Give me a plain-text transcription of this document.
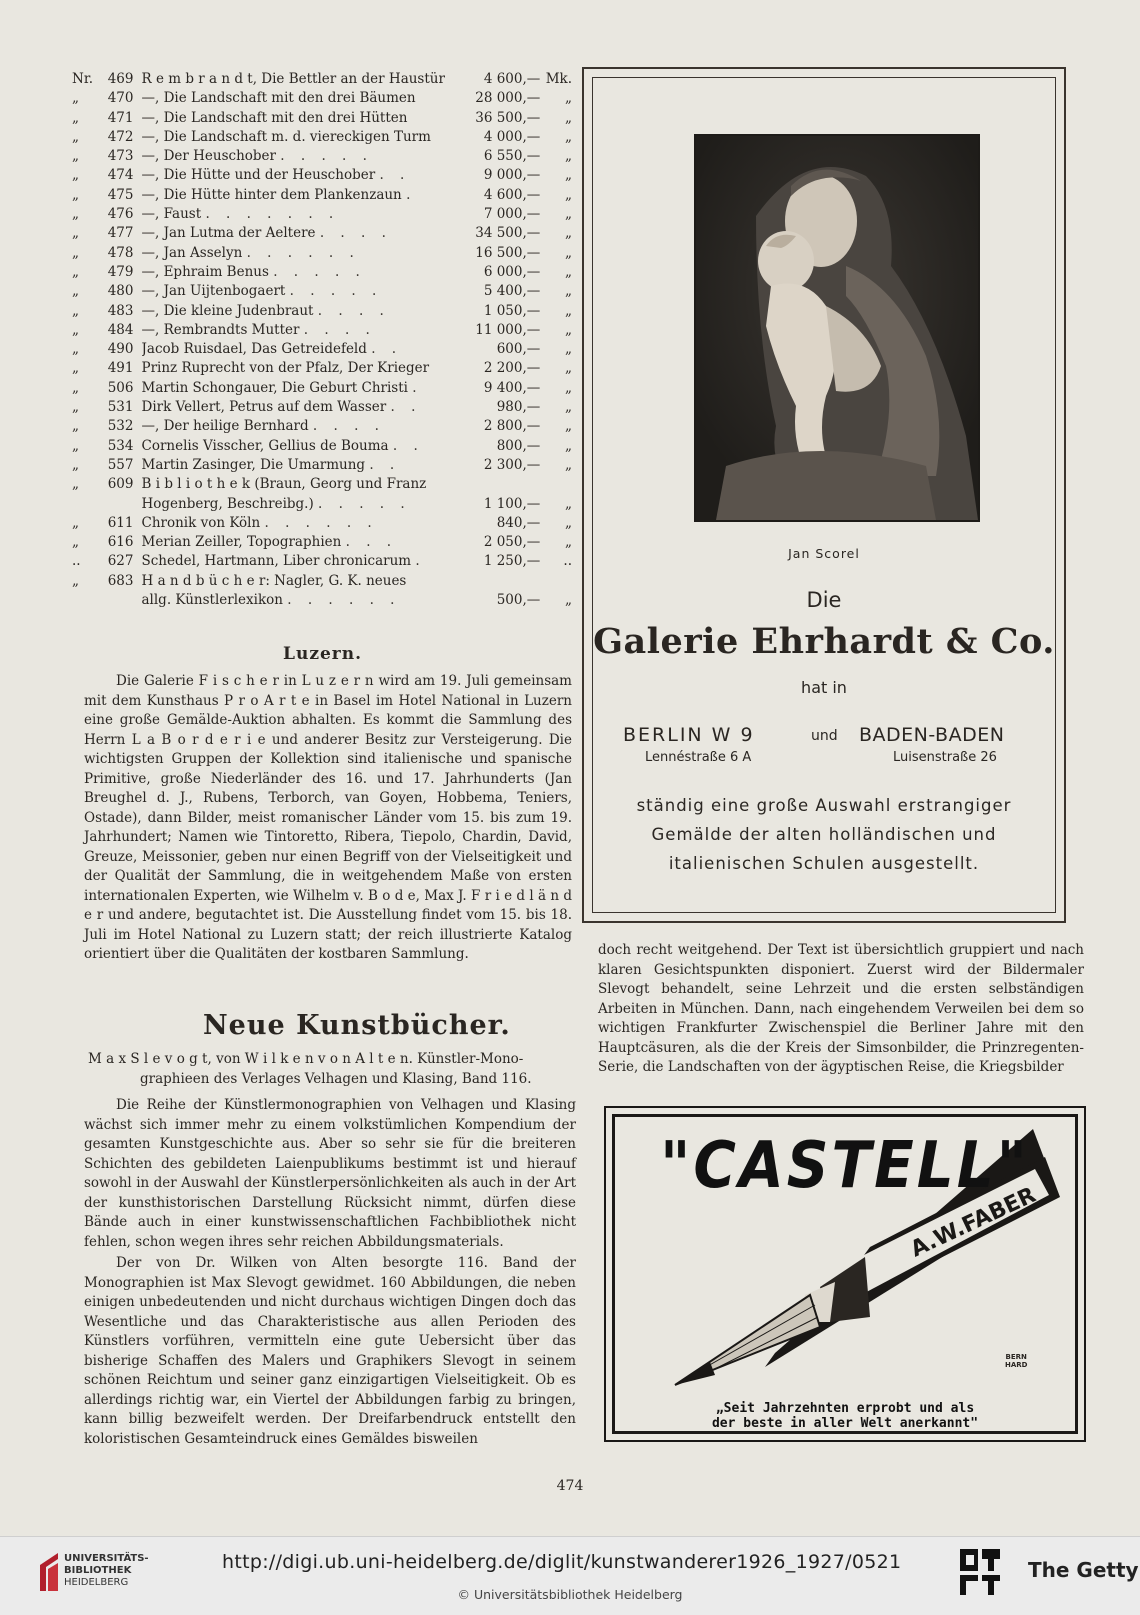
Nr.	469 R e m b r a n d t, Die Bettler an der Haustür	4 600,— Mk.
„	470 —, Die Landschaft mit den drei Bäumen	28 000,—	„
„	471 —, Die Landschaft mit den drei Hütten	36 500,—	„
„	472 —, Die Landschaft m. d. viereckigen Turm	4 000,—	„
„	473 —, Der Heuschober . . . . .	6 550,—	„
„	474 —, Die Hütte und der Heuschober . .	9 000,—	„
„	475 —, Die Hütte hinter dem Plankenzaun .	4 600,—	„
„	476 —, Faust . . . . . . .	7 000,—	„
„	477 —, Jan Lutma der Aeltere . . . .	34 500,—	„
„	478 —, Jan Asselyn . . . . . .	16 500,—	„
„	479 —, Ephraim Benus . . . . .	6 000,—	„
„	480 —, Jan Uijtenbogaert . . . . .	5 400,—	„
„	483 —, Die kleine Judenbraut . . . .	1 050,—	„
„	484 —, Rembrandts Mutter . . . .	11 000,—	„
„	490 Jacob Ruisdael, Das Getreidefeld . .	600,—	„
„	491 Prinz Ruprecht von der Pfalz, Der Krieger	2 200,—	„
„	506 Martin Schongauer, Die Geburt Christi .	9 400,—	„
„	531 Dirk Vellert, Petrus auf dem Wasser . .	980,—	„
„	532 —, Der heilige Bernhard . . . .	2 800,—	„
„	534 Cornelis Visscher, Gellius de Bouma . .	800,—	„
„	557 Martin Zasinger, Die Umarmung . .	2 300,—	„
„	609 B i b l i o t h e k (Braun, Georg und Franz
Hogenberg, Beschreibg.) . . . . .	1 100,—	„
„	611 Chronik von Köln . . . . . .	840,—	„
„	616 Merian Zeiller, Topographien . . .	2 050,—	„
..	627 Schedel, Hartmann, Liber chronicarum .	1 250,—	..
„	683 H a n d b ü c h e r: Nagler, G. K. neues
allg. Künstlerlexikon . . . . . .	500,—	„
Luzern.

Die Galerie F i s c h e r in L u z e r n wird am 19. Juli gemeinsam mit dem Kunsthaus P r o A r t e in Basel im Hotel National in Luzern eine große Gemälde-Auktion abhalten. Es kommt die Sammlung des Herrn L a B o r d e r i e und anderer Besitz zur Versteigerung. Die wichtigsten Gruppen der Kollektion sind italienische und spanische Primitive, große Niederländer des 16. und 17. Jahrhunderts (Jan Breughel d. J., Rubens, Terborch, van Goyen, Hobbema, Teniers, Ostade), dann Bilder, meist romanischer Länder vom 15. bis zum 19. Jahrhundert; Namen wie Tintoretto, Ribera, Tiepolo, Chardin, David, Greuze, Meissonier, geben nur einen Begriff von der Vielseitigkeit und der Qualität der Sammlung, die in weitgehendem Maße von ersten internationalen Experten, wie Wilhelm v. B o d e, Max J. F r i e d l ä n d e r und andere, begutachtet ist. Die Ausstellung findet vom 15. bis 18. Juli im Hotel National zu Luzern statt; der reich illustrierte Katalog orientiert über die Qualitäten der kostbaren Sammlung.

Neue Kunstbücher.
M a x S l e v o g t, von W i l k e n v o n A l t e n. Künstler-Mono-
graphieen des Verlages Velhagen und Klasing, Band 116.

Die Reihe der Künstlermonographien von Velhagen und Klasing wächst sich immer mehr zu einem volkstümlichen Kompendium der gesamten Kunstgeschichte aus. Aber so sehr sie für die breiteren Schichten des gebildeten Laienpublikums bestimmt ist und hierauf sowohl in der Auswahl der Künstlerpersönlichkeiten als auch in der Art der kunsthistorischen Darstellung Rücksicht nimmt, dürfen diese Bände auch in einer kunstwissenschaftlichen Fachbibliothek nicht fehlen, schon wegen ihres sehr reichen Abbildungsmaterials.

Der von Dr. Wilken von Alten besorgte 116. Band der Monographien ist Max Slevogt gewidmet. 160 Abbildungen, die neben einigen unbedeutenden und nicht durchaus wichtigen Dingen doch das Wesentliche und das Charakteristische aus allen Perioden des Künstlers vorführen, vermitteln eine gute Uebersicht über das bisherige Schaffen des Malers und Graphikers Slevogt in seinem schönen Reichtum und seiner ganz einzigartigen Vielseitigkeit. Ob es allerdings richtig war, ein Viertel der Abbildungen farbig zu bringen, kann billig bezweifelt werden. Der Dreifarbendruck entstellt den koloristischen Gesamteindruck eines Gemäldes bisweilen

Jan Scorel
Die
Galerie Ehrhardt & Co.
hat in
BERLIN W 9	und BADEN-BADEN
Lennéstraße 6 A	Luisenstraße 26
ständig eine große Auswahl erstrangiger
Gemälde der alten holländischen und
italienischen Schulen ausgestellt.

doch recht weitgehend. Der Text ist übersichtlich gruppiert und nach klaren Gesichtspunkten disponiert. Zuerst wird der Bildermaler Slevogt behandelt, seine Lehrzeit und die ersten selbständigen Arbeiten in München. Dann, nach eingehendem Verweilen bei dem so wichtigen Frankfurter Zwischenspiel die Berliner Jahre mit den Hauptcäsuren, als die der Kreis der Simsonbilder, die Prinzregenten-Serie, die Landschaften von der ägyptischen Reise, die Kriegsbilder

A.W.FABER
"CASTELL"
BERN
HARD
„Seit Jahrzehnten erprobt und als
der beste in aller Welt anerkannt"
474
UNIVERSITÄTS-
BIBLIOTHEK
HEIDELBERG
http://digi.ub.uni-heidelberg.de/diglit/kunstwanderer1926_1927/0521
© Universitätsbibliothek Heidelberg
The Getty
